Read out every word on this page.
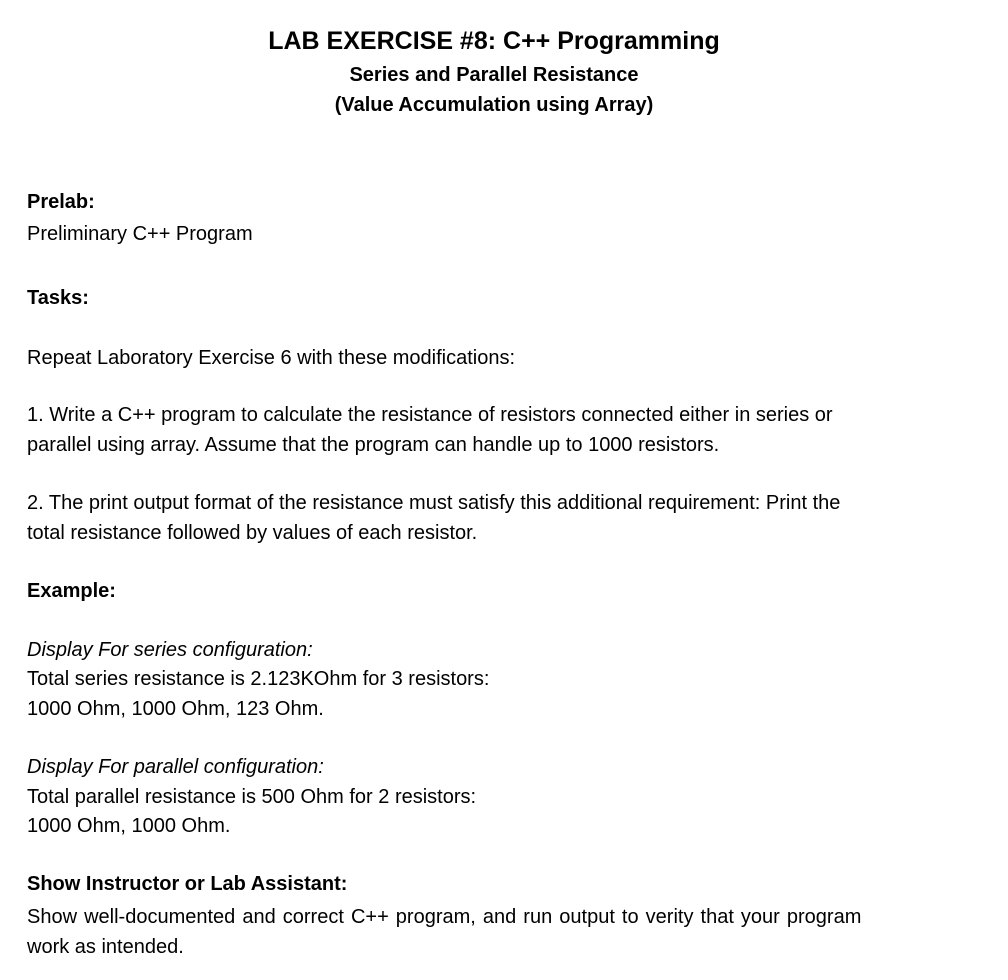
LAB EXERCISE #8: C++ Programming
Series and Parallel Resistance
(Value Accumulation using Array)
Prelab:
Preliminary C++ Program
Tasks:
Repeat Laboratory Exercise 6 with these modifications:
1. Write a C++ program to calculate the resistance of resistors connected either in series or
parallel using array. Assume that the program can handle up to 1000 resistors.
2. The print output format of the resistance must satisfy this additional requirement: Print the
total resistance followed by values of each resistor.
Example:
Display For series configuration:
Total series resistance is 2.123KOhm for 3 resistors:
1000 Ohm, 1000 Ohm, 123 Ohm.
Display For parallel configuration:
Total parallel resistance is 500 Ohm for 2 resistors:
1000 Ohm, 1000 Ohm.
Show Instructor or Lab Assistant:
Show well-documented and correct C++ program, and run output to verity that your program
work as intended.
